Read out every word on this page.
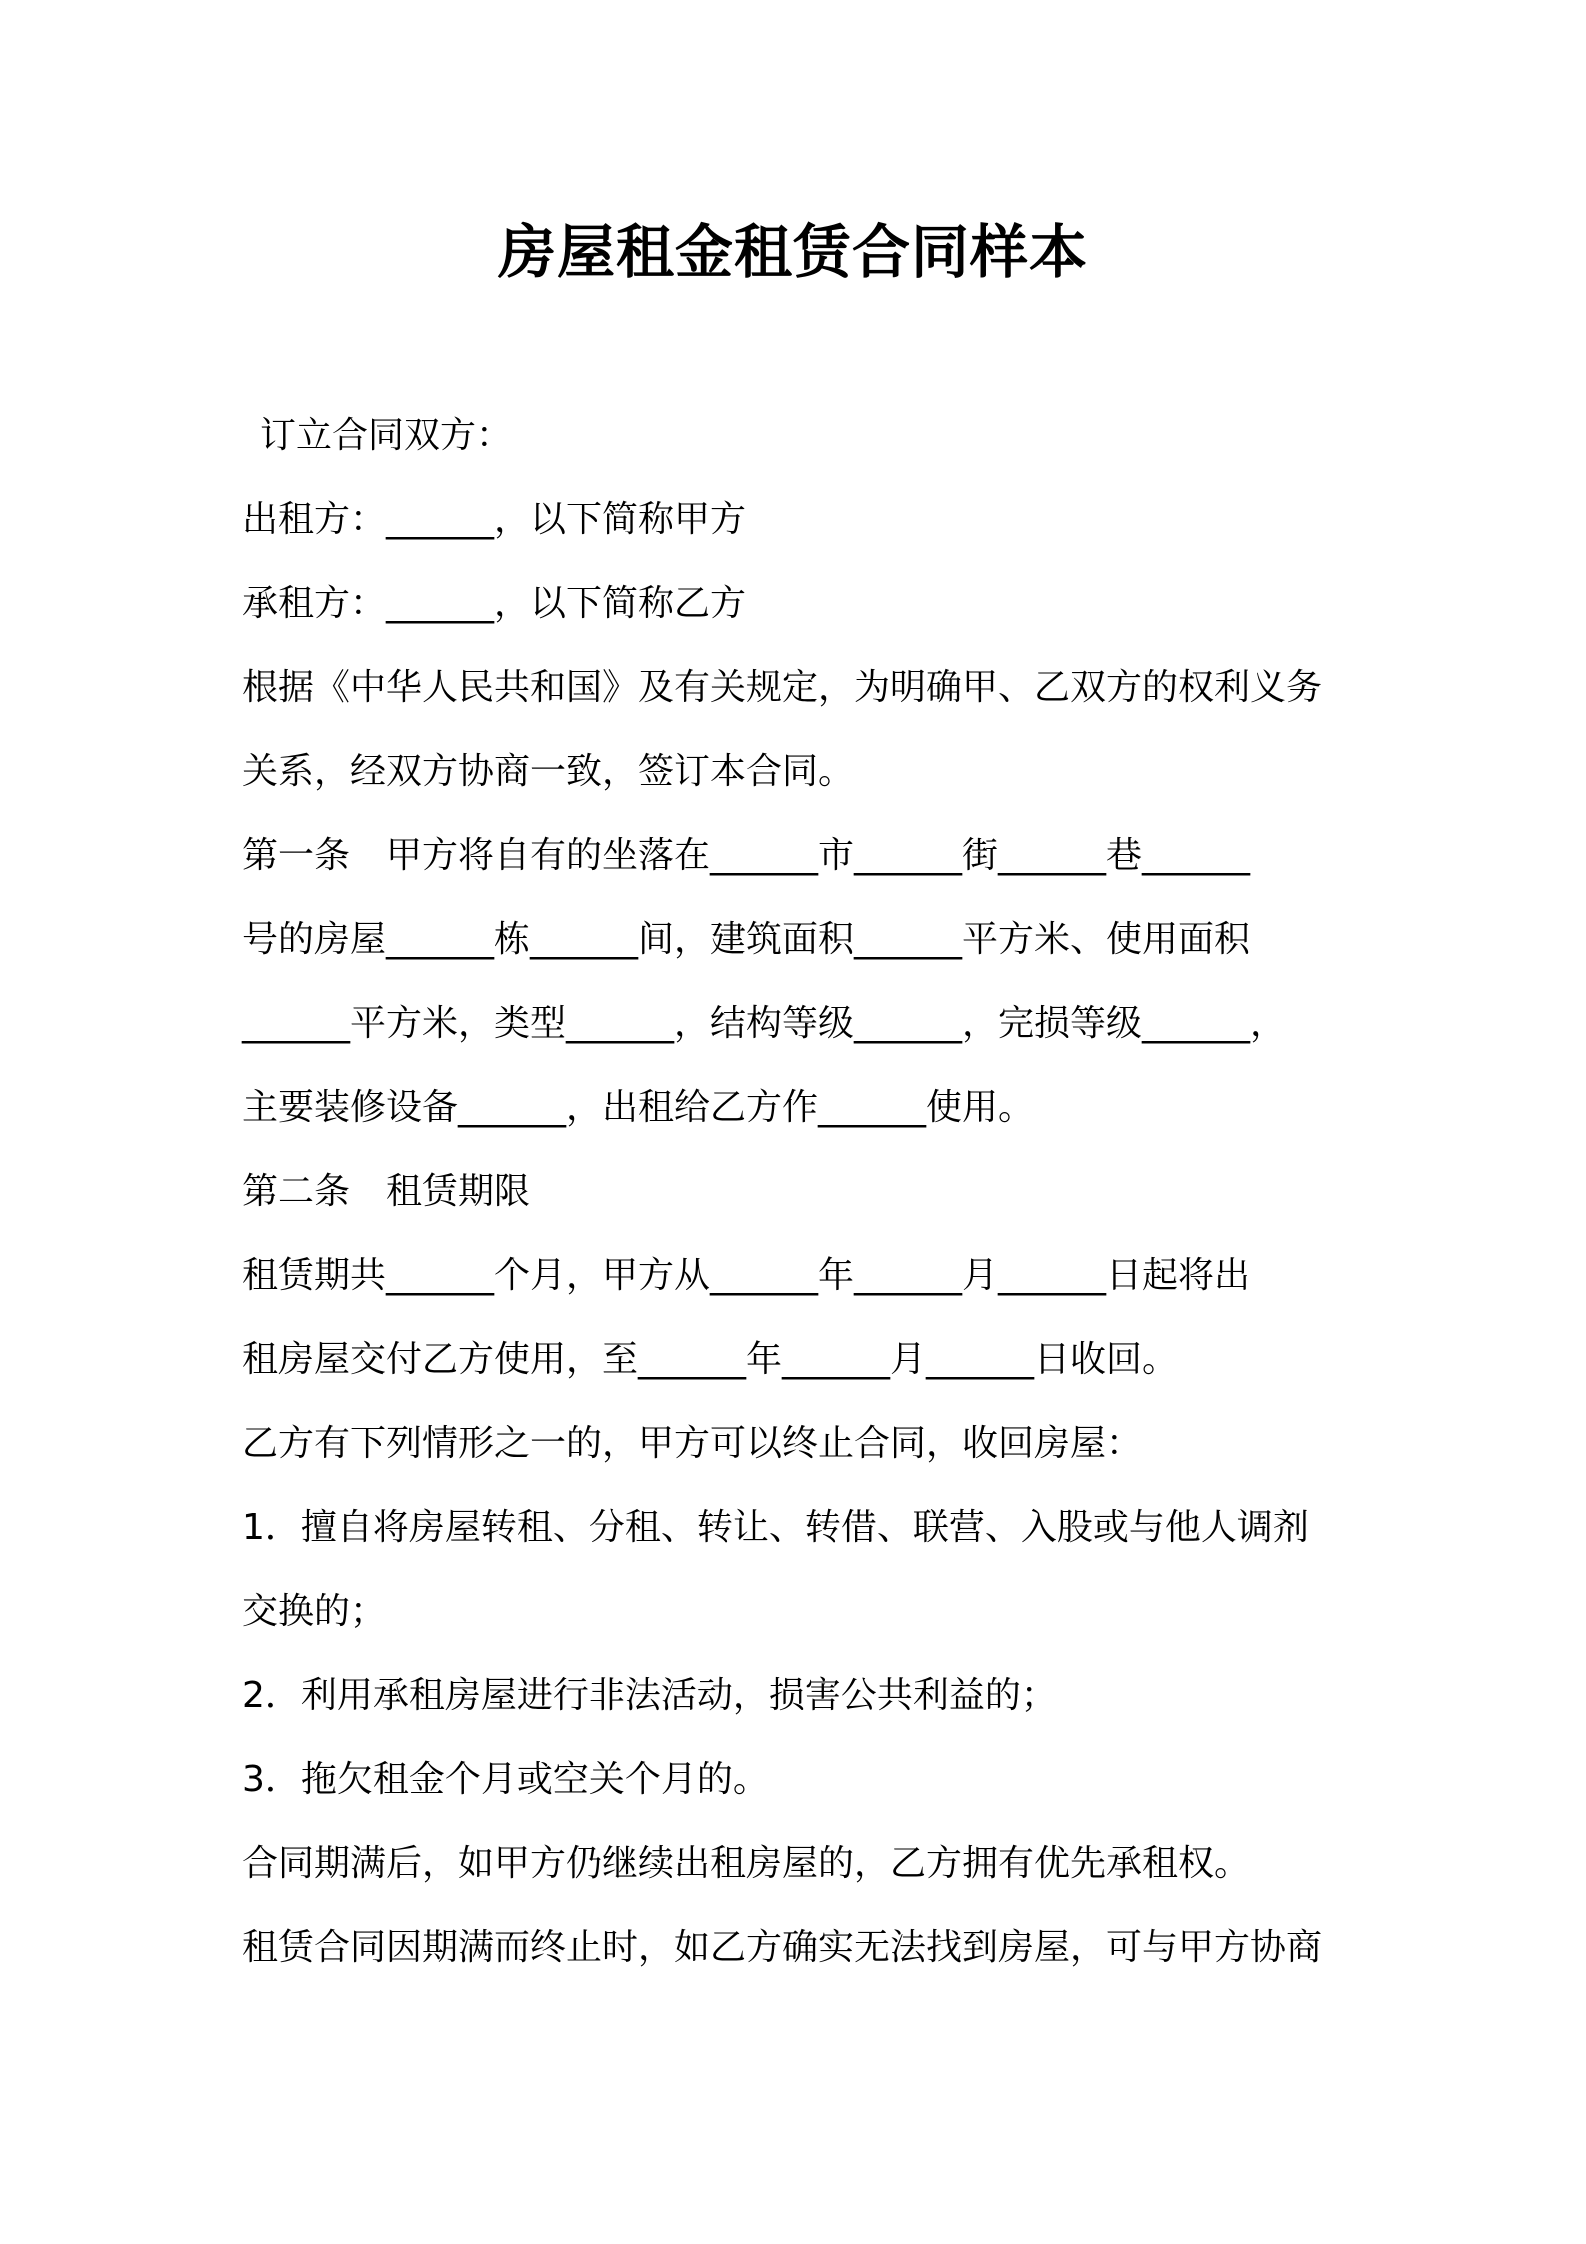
房屋租金租赁合同样本

订立合同双方：

出租方：______，以下简称甲方

承租方：______，以下简称乙方

根据《中华人民共和国》及有关规定，为明确甲、乙双方的权利义务

关系，经双方协商一致，签订本合同。

第一条　甲方将自有的坐落在______市______街______巷______

号的房屋______栋______间，建筑面积______平方米、使用面积

______平方米，类型______，结构等级______，完损等级______，

主要装修设备______，出租给乙方作______使用。

第二条　租赁期限

租赁期共______个月，甲方从______年______月______日起将出

租房屋交付乙方使用，至______年______月______日收回。

乙方有下列情形之一的，甲方可以终止合同，收回房屋：

1．擅自将房屋转租、分租、转让、转借、联营、入股或与他人调剂

交换的；

2．利用承租房屋进行非法活动，损害公共利益的；

3．拖欠租金个月或空关个月的。

合同期满后，如甲方仍继续出租房屋的，乙方拥有优先承租权。

租赁合同因期满而终止时，如乙方确实无法找到房屋，可与甲方协商
